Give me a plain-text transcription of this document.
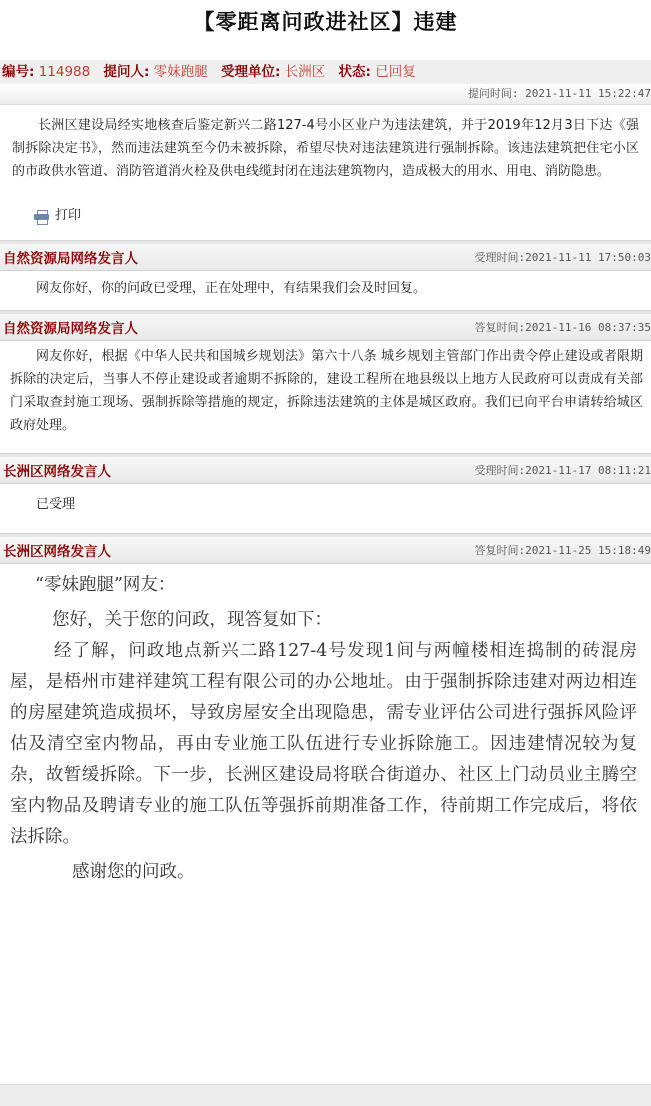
【零距离问政进社区】违建
编号: 114988 提问人: 零妹跑腿 受理单位: 长洲区 状态: 已回复
提问时间: 2021-11-11 15:22:47
长洲区建设局经实地核查后鉴定新兴二路127-4号小区业户为违法建筑，并于2019年12月3日下达《强制拆除决定书》，然而违法建筑至今仍未被拆除，希望尽快对违法建筑进行强制拆除。该违法建筑把住宅小区的市政供水管道、消防管道消火栓及供电线缆封闭在违法建筑物内，造成极大的用水、用电、消防隐患。
打印
自然资源局网络发言人	受理时间:2021-11-11 17:50:03
网友你好，你的问政已受理，正在处理中，有结果我们会及时回复。
自然资源局网络发言人	答复时间:2021-11-16 08:37:35
网友你好，根据《中华人民共和国城乡规划法》第六十八条 城乡规划主管部门作出责令停止建设或者限期拆除的决定后，当事人不停止建设或者逾期不拆除的，建设工程所在地县级以上地方人民政府可以责成有关部门采取查封施工现场、强制拆除等措施的规定，拆除违法建筑的主体是城区政府。我们已向平台申请转给城区政府处理。
长洲区网络发言人	受理时间:2021-11-17 08:11:21
已受理
长洲区网络发言人	答复时间:2021-11-25 15:18:49

“零妹跑腿”网友：

您好，关于您的问政，现答复如下：

经了解，问政地点新兴二路127-4号发现1间与两幢楼相连捣制的砖混房屋，是梧州市建祥建筑工程有限公司的办公地址。由于强制拆除违建对两边相连的房屋建筑造成损坏，导致房屋安全出现隐患，需专业评估公司进行强拆风险评估及清空室内物品，再由专业施工队伍进行专业拆除施工。因违建情况较为复杂，故暂缓拆除。下一步，长洲区建设局将联合街道办、社区上门动员业主腾空室内物品及聘请专业的施工队伍等强拆前期准备工作，待前期工作完成后，将依法拆除。

感谢您的问政。
